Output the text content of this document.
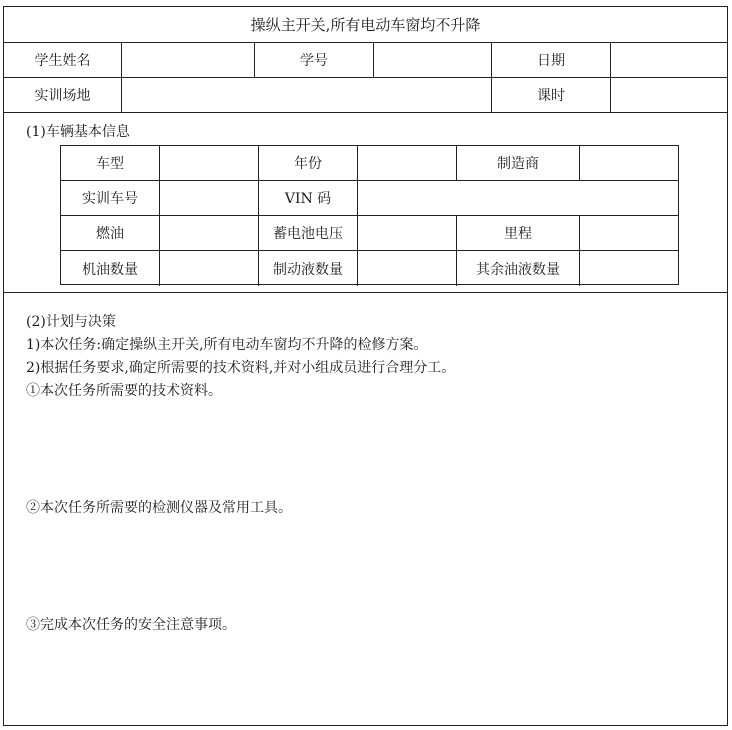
操纵主开关,所有电动车窗均不升降
学生姓名	学号	日期
实训场地	课时
(1)车辆基本信息
(2)计划与决策
1)本次任务:确定操纵主开关,所有电动车窗均不升降的检修方案。
2)根据任务要求,确定所需要的技术资料,并对小组成员进行合理分工。
①本次任务所需要的技术资料。
②本次任务所需要的检测仪器及常用工具。
③完成本次任务的安全注意事项。
车型	年份	制造商
实训车号	VIN 码
燃油	蓄电池电压	里程
机油数量	制动液数量	其余油液数量
